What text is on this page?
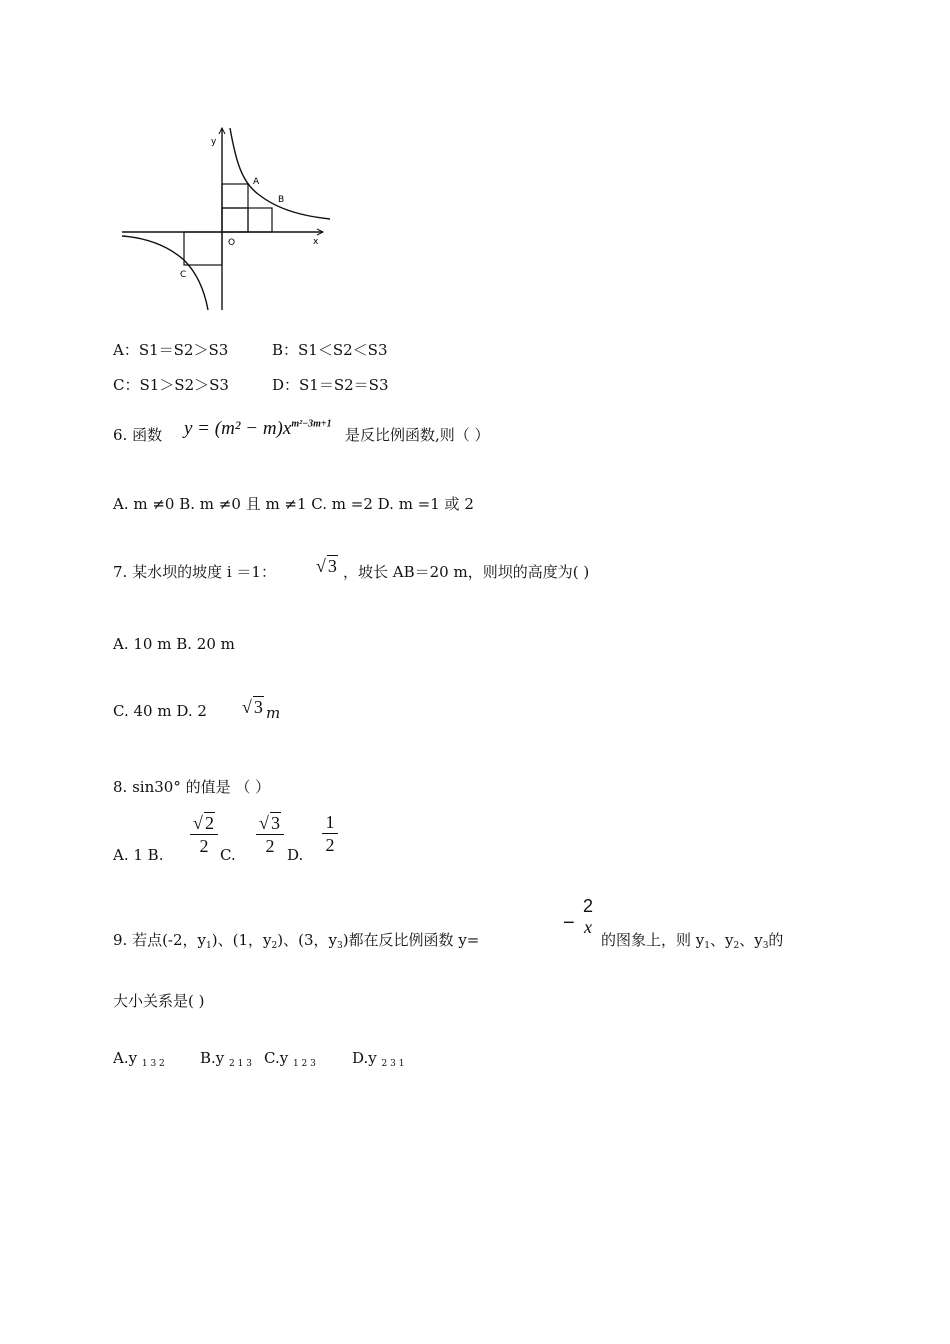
y
x
O
A
B
C
A：S1＝S2＞S3	B：S1＜S2＜S3
C：S1＞S2＞S3	D：S1＝S2＝S3
6. 函数 $y = (m^2 - m)x^{m^2-3m+1}$
是反比例函数,则（ ）
A. m ≠0 B. m ≠0 且 m ≠1 C. m =2 D. m =1 或 2
7. 某水坝的坡度 i ＝1： √ 3 ，坡长 AB＝20 m，则坝的高度为( )
A. 10 m B. 20 m
C. 40 m D. 2 √ 3 m
8. sin30° 的值是 （ ）
A. 1 B.
√ 2
2 C.
√ 3
2 D.
1
2
9. 若点(-2，$y_1$)、(1，$y_2$)、(3，$y_3$)都在反比例函数 y=
−
2
x
的图象上，则 $y_1$、$y_2$、$y_3$的
大小关系是( )
A.y $_{1 3 2}$ B.y $_{2 1 3}$ C.y $_{1 2 3}$ D.y $_{2 3 1}$
